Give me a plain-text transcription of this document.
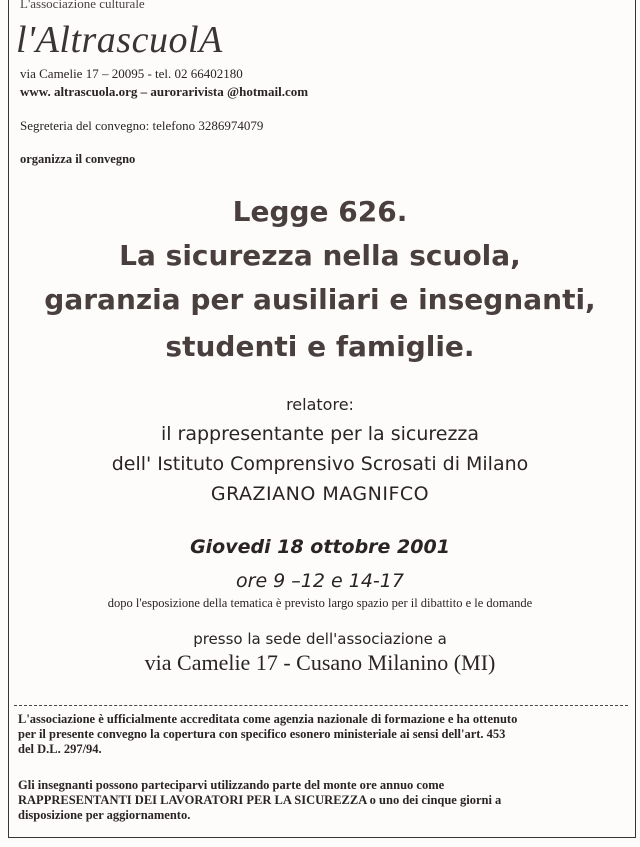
L'associazione culturale
l'AltrascuolA
via Camelie 17 – 20095 - tel. 02 66402180
www. altrascuola.org – aurorarivista @hotmail.com
Segreteria del convegno: telefono 3286974079
organizza il convegno
Legge 626.
La sicurezza nella scuola,
garanzia per ausiliari e insegnanti,
studenti e famiglie.
relatore:
il rappresentante per la sicurezza
dell' Istituto Comprensivo Scrosati di Milano
GRAZIANO MAGNIFCO
Giovedi 18 ottobre 2001
ore 9 –12 e 14-17
dopo l'esposizione della tematica è previsto largo spazio per il dibattito e le domande
presso la sede dell'associazione a
via Camelie 17 - Cusano Milanino (MI)
L'associazione è ufficialmente accreditata come agenzia nazionale di formazione e ha ottenuto
per il presente convegno la copertura con specifico esonero ministeriale ai sensi dell'art. 453
del D.L. 297/94.
Gli insegnanti possono parteciparvi utilizzando parte del monte ore annuo come
RAPPRESENTANTI DEI LAVORATORI PER LA SICUREZZA o uno dei cinque giorni a
disposizione per aggiornamento.
